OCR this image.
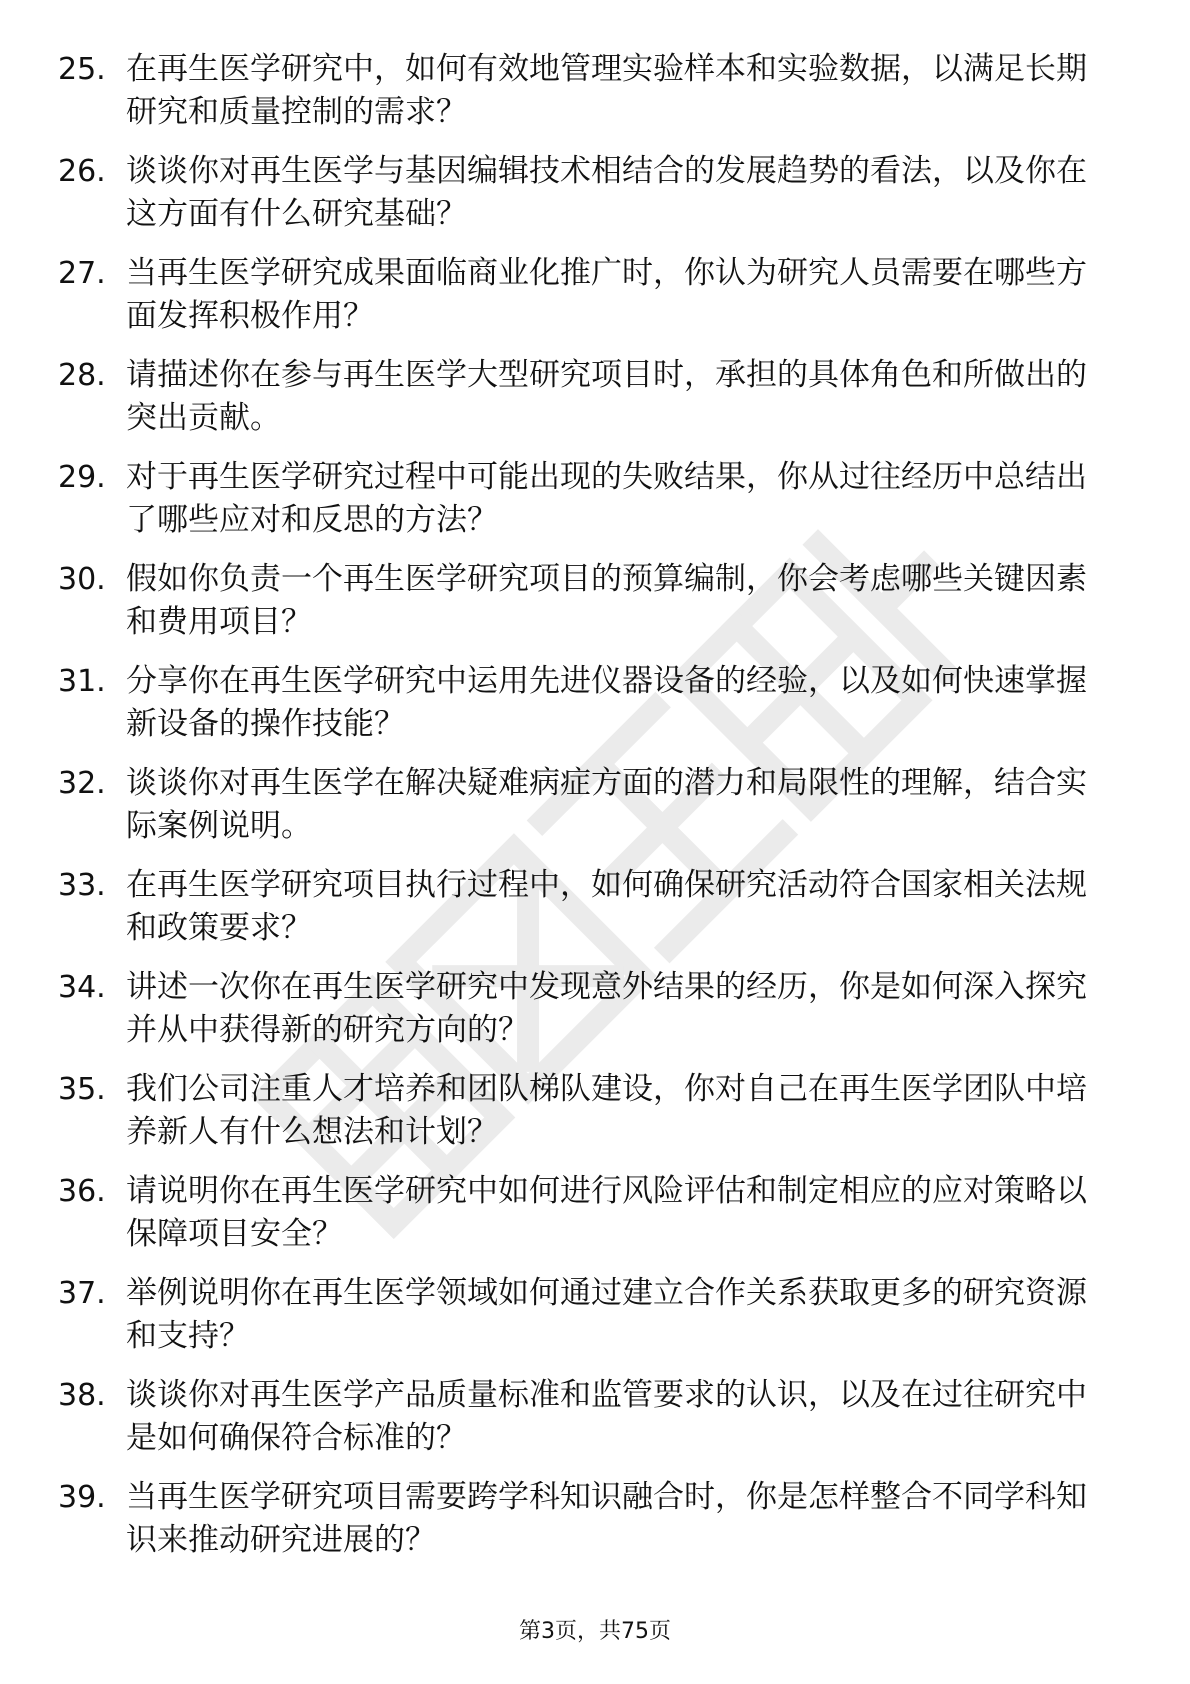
25. 在再生医学研究中，如何有效地管理实验样本和实验数据，以满足长期研究和质量控制的需求？
26. 谈谈你对再生医学与基因编辑技术相结合的发展趋势的看法，以及你在这方面有什么研究基础？
27. 当再生医学研究成果面临商业化推广时，你认为研究人员需要在哪些方面发挥积极作用？
28. 请描述你在参与再生医学大型研究项目时，承担的具体角色和所做出的突出贡献。
29. 对于再生医学研究过程中可能出现的失败结果，你从过往经历中总结出了哪些应对和反思的方法？
30. 假如你负责一个再生医学研究项目的预算编制，你会考虑哪些关键因素和费用项目？
31. 分享你在再生医学研究中运用先进仪器设备的经验，以及如何快速掌握新设备的操作技能？
32. 谈谈你对再生医学在解决疑难病症方面的潜力和局限性的理解，结合实际案例说明。
33. 在再生医学研究项目执行过程中，如何确保研究活动符合国家相关法规和政策要求？
34. 讲述一次你在再生医学研究中发现意外结果的经历，你是如何深入探究并从中获得新的研究方向的？
35. 我们公司注重人才培养和团队梯队建设，你对自己在再生医学团队中培养新人有什么想法和计划？
36. 请说明你在再生医学研究中如何进行风险评估和制定相应的应对策略以保障项目安全？
37. 举例说明你在再生医学领域如何通过建立合作关系获取更多的研究资源和支持？
38. 谈谈你对再生医学产品质量标准和监管要求的认识，以及在过往研究中是如何确保符合标准的？
39. 当再生医学研究项目需要跨学科知识融合时，你是怎样整合不同学科知识来推动研究进展的？
第3页，共75页
